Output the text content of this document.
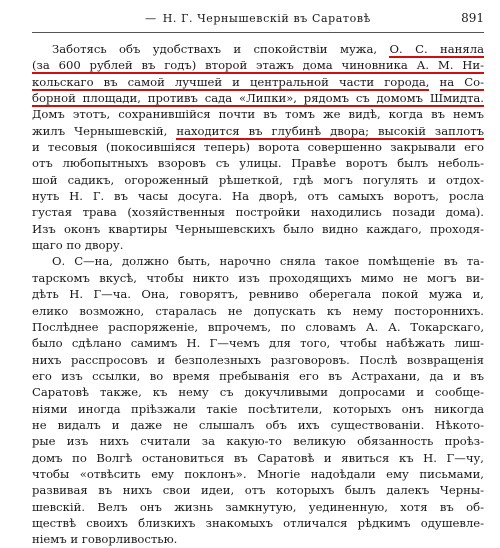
— Н. Г. Чернышевскій въ Саратовѣ	891
Заботясь объ удобствахъ и спокойствіи мужа, О. С. наняла
(за 600 рублей въ годъ) второй этажъ дома чиновника А. М. Ни-
кольскаго въ самой лучшей и центральной части города, на Со-
борной площади, противъ сада «Липки», рядомъ съ домомъ Шмидта.
Домъ этотъ, сохранившійся почти въ томъ же видѣ, когда въ немъ
жилъ Чернышевскій, находится въ глубинѣ двора; высокій заплотъ
и тесовыя (покосившіяся теперь) ворота совершенно закрывали его
отъ любопытныхъ взоровъ съ улицы. Правѣе воротъ былъ неболь-
шой садикъ, огороженный рѣшеткой, гдѣ могъ погулять и отдох-
нуть Н. Г. въ часы досуга. На дворѣ, отъ самыхъ воротъ, росла
густая трава (хозяйственныя постройки находились позади дома).
Изъ оконъ квартиры Чернышевскихъ было видно каждаго, проходя-
щаго по двору.
О. С—на, должно быть, нарочно сняла такое помѣщеніе въ та-
тарскомъ вкусѣ, чтобы никто изъ проходящихъ мимо не могъ ви-
дѣть Н. Г—ча. Она, говорятъ, ревниво оберегала покой мужа и,
елико возможно, старалась не допускать къ нему постороннихъ.
Послѣднее распоряженіе, впрочемъ, по словамъ А. А. Токарскаго,
было сдѣлано самимъ Н. Г—чемъ для того, чтобы набѣжать лиш-
нихъ расспросовъ и безполезныхъ разговоровъ. Послѣ возвращенія
его изъ ссылки, во время пребыванія его въ Астрахани, да и въ
Саратовѣ также, къ нему съ докучливыми допросами и сообще-
ніями иногда пріѣзжали такіе посѣтители, которыхъ онъ никогда
не видалъ и даже не слышалъ объ ихъ существованіи. Нѣкото-
рые изъ нихъ считали за какую-то великую обязанность проѣз-
домъ по Волгѣ остановиться въ Саратовѣ и явиться къ Н. Г—чу,
чтобы «отвѣсить ему поклонъ». Многіе надоѣдали ему письмами,
развивая въ нихъ свои идеи, отъ которыхъ былъ далекъ Черны-
шевскій. Велъ онъ жизнь замкнутую, уединенную, хотя въ об-
ществѣ своихъ близкихъ знакомыхъ отличался рѣдкимъ одушевле-
ніемъ и говорливостью.
